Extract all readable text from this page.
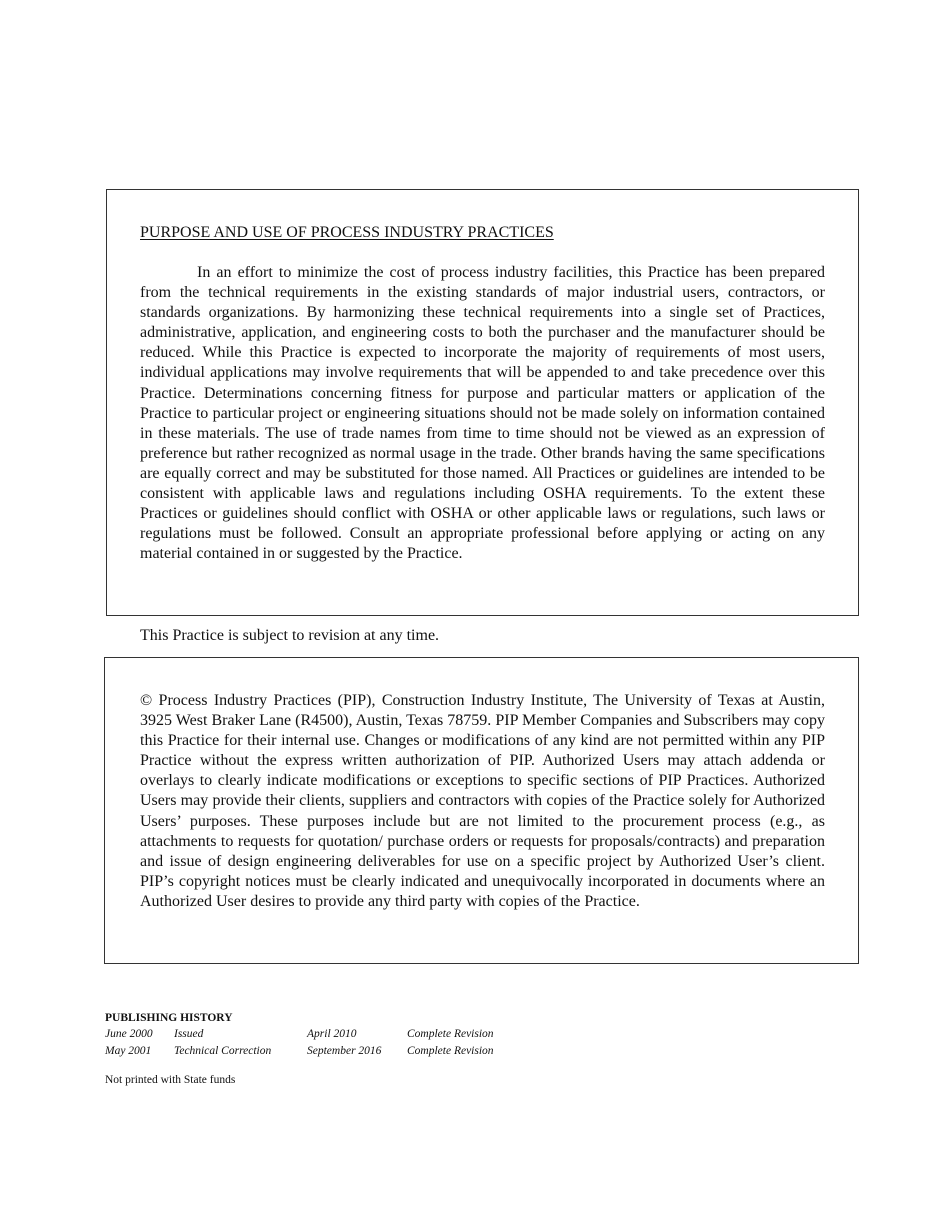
PURPOSE AND USE OF PROCESS INDUSTRY PRACTICES

In an effort to minimize the cost of process industry facilities, this Practice has been prepared from the technical requirements in the existing standards of major industrial users, contractors, or standards organizations. By harmonizing these technical requirements into a single set of Practices, administrative, application, and engineering costs to both the purchaser and the manufacturer should be reduced. While this Practice is expected to incorporate the majority of requirements of most users, individual applications may involve requirements that will be appended to and take precedence over this Practice. Determinations concerning fitness for purpose and particular matters or application of the Practice to particular project or engineering situations should not be made solely on information contained in these materials. The use of trade names from time to time should not be viewed as an expression of preference but rather recognized as normal usage in the trade. Other brands having the same specifications are equally correct and may be substituted for those named. All Practices or guidelines are intended to be consistent with applicable laws and regulations including OSHA requirements. To the extent these Practices or guidelines should conflict with OSHA or other applicable laws or regulations, such laws or regulations must be followed. Consult an appropriate professional before applying or acting on any material contained in or suggested by the Practice.

This Practice is subject to revision at any time.

© Process Industry Practices (PIP), Construction Industry Institute, The University of Texas at Austin, 3925 West Braker Lane (R4500), Austin, Texas 78759. PIP Member Companies and Subscribers may copy this Practice for their internal use. Changes or modifications of any kind are not permitted within any PIP Practice without the express written authorization of PIP. Authorized Users may attach addenda or overlays to clearly indicate modifications or exceptions to specific sections of PIP Practices. Authorized Users may provide their clients, suppliers and contractors with copies of the Practice solely for Authorized Users’ purposes. These purposes include but are not limited to the procurement process (e.g., as attachments to requests for quotation/ purchase orders or requests for proposals/contracts) and preparation and issue of design engineering deliverables for use on a specific project by Authorized User’s client. PIP’s copyright notices must be clearly indicated and unequivocally incorporated in documents where an Authorized User desires to provide any third party with copies of the Practice.

PUBLISHING HISTORY

June 2000 Issued	April 2010	Complete Revision
May 2001 Technical Correction	September 2016 Complete Revision

Not printed with State funds
